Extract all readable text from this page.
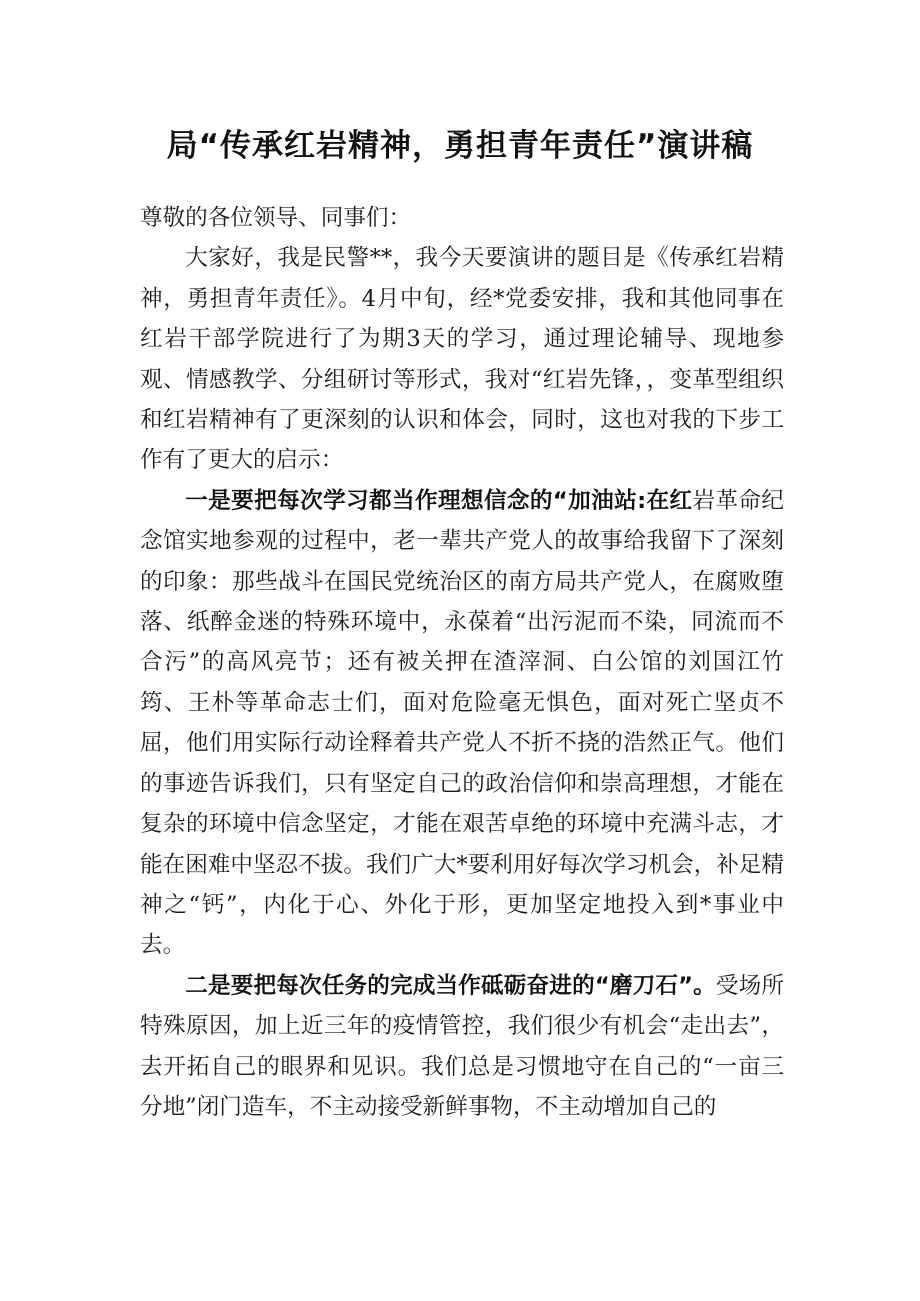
局“传承红岩精神，勇担青年责任”演讲稿

尊敬的各位领导、同事们：

大家好，我是民警**，我今天要演讲的题目是《传承红岩精神，勇担青年责任》。4月中旬，经*党委安排，我和其他同事在红岩干部学院进行了为期3天的学习，通过理论辅导、现地参观、情感教学、分组研讨等形式，我对“红岩先锋，，变革型组织和红岩精神有了更深刻的认识和体会，同时，这也对我的下步工作有了更大的启示：

一是要把每次学习都当作理想信念的“加油站:在红岩革命纪念馆实地参观的过程中，老一辈共产党人的故事给我留下了深刻的印象：那些战斗在国民党统治区的南方局共产党人，在腐败堕落、纸醉金迷的特殊环境中，永葆着“出污泥而不染，同流而不合污”的高风亮节；还有被关押在渣滓洞、白公馆的刘国江竹筠、王朴等革命志士们，面对危险毫无惧色，面对死亡坚贞不屈，他们用实际行动诠释着共产党人不折不挠的浩然正气。他们的事迹告诉我们，只有坚定自己的政治信仰和崇高理想，才能在复杂的环境中信念坚定，才能在艰苦卓绝的环境中充满斗志，才能在困难中坚忍不拔。我们广大*要利用好每次学习机会，补足精神之“钙”，内化于心、外化于形，更加坚定地投入到*事业中去。

二是要把每次任务的完成当作砥砺奋进的“磨刀石”。受场所特殊原因，加上近三年的疫情管控，我们很少有机会“走出去”，去开拓自己的眼界和见识。我们总是习惯地守在自己的“一亩三分地”闭门造车，不主动接受新鲜事物，不主动增加自己的
